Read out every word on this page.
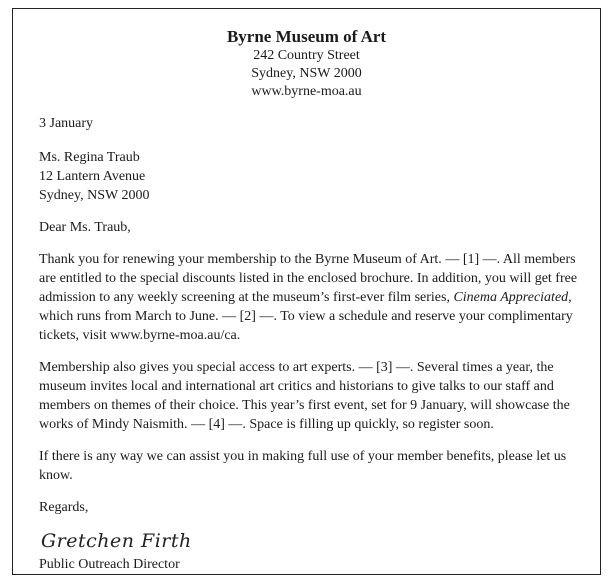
Byrne Museum of Art
242 Country Street
Sydney, NSW 2000
www.byrne-moa.au

3 January

Ms. Regina Traub
12 Lantern Avenue
Sydney, NSW 2000

Dear Ms. Traub,

Thank you for renewing your membership to the Byrne Museum of Art. — [1] —. All members are entitled to the special discounts listed in the enclosed brochure. In addition, you will get free admission to any weekly screening at the museum’s first-ever film series, Cinema Appreciated, which runs from March to June. — [2] —. To view a schedule and reserve your complimentary tickets, visit www.byrne-moa.au/ca.

Membership also gives you special access to art experts. — [3] —. Several times a year, the museum invites local and international art critics and historians to give talks to our staff and members on themes of their choice. This year’s first event, set for 9 January, will showcase the works of Mindy Naismith. — [4] —. Space is filling up quickly, so register soon.

If there is any way we can assist you in making full use of your member benefits, please let us know.

Regards,

Gretchen Firth

Public Outreach Director
